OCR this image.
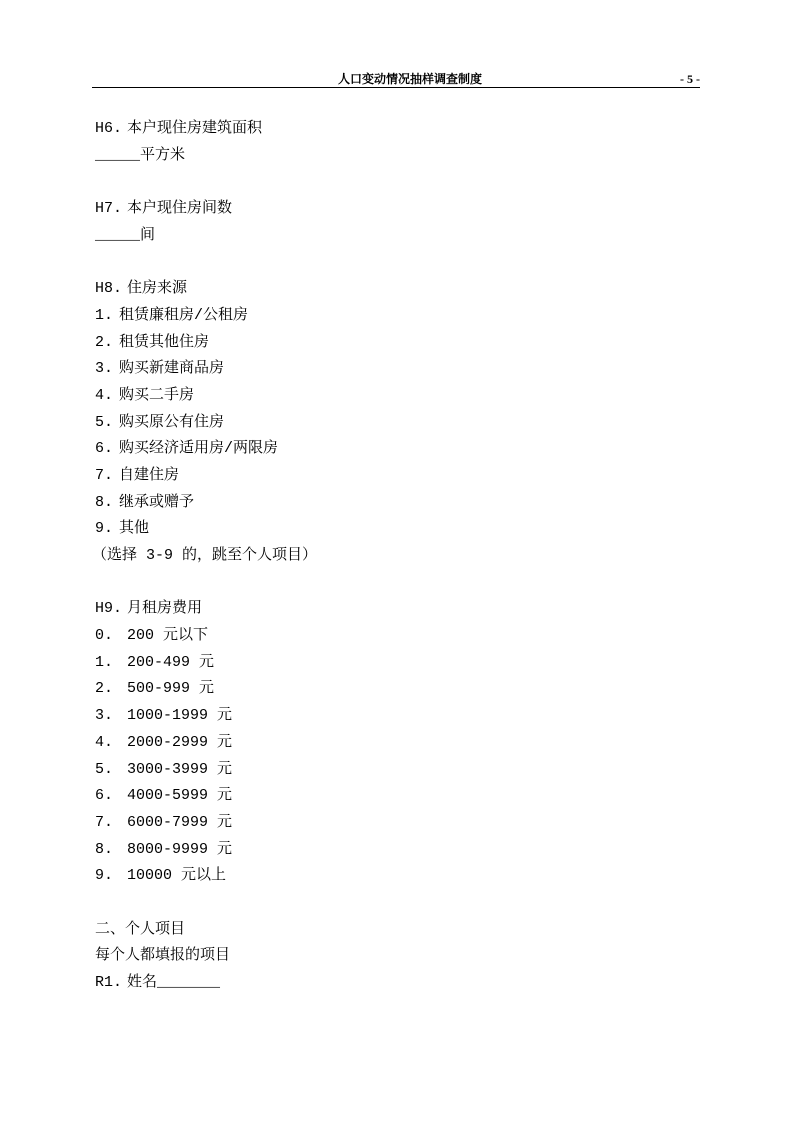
人口变动情况抽样调查制度	- 5 -
H6. 本户现住房建筑面积
_____平方米
H7. 本户现住房间数
_____间
H8. 住房来源
1. 租赁廉租房/公租房
2. 租赁其他住房
3. 购买新建商品房
4. 购买二手房
5. 购买原公有住房
6. 购买经济适用房/两限房
7. 自建住房
8. 继承或赠予
9. 其他
（选择 3-9 的，跳至个人项目）
H9. 月租房费用
0. 200 元以下
1. 200-499 元
2. 500-999 元
3. 1000-1999 元
4. 2000-2999 元
5. 3000-3999 元
6. 4000-5999 元
7. 6000-7999 元
8. 8000-9999 元
9. 10000 元以上
二、个人项目
每个人都填报的项目
R1. 姓名_______
